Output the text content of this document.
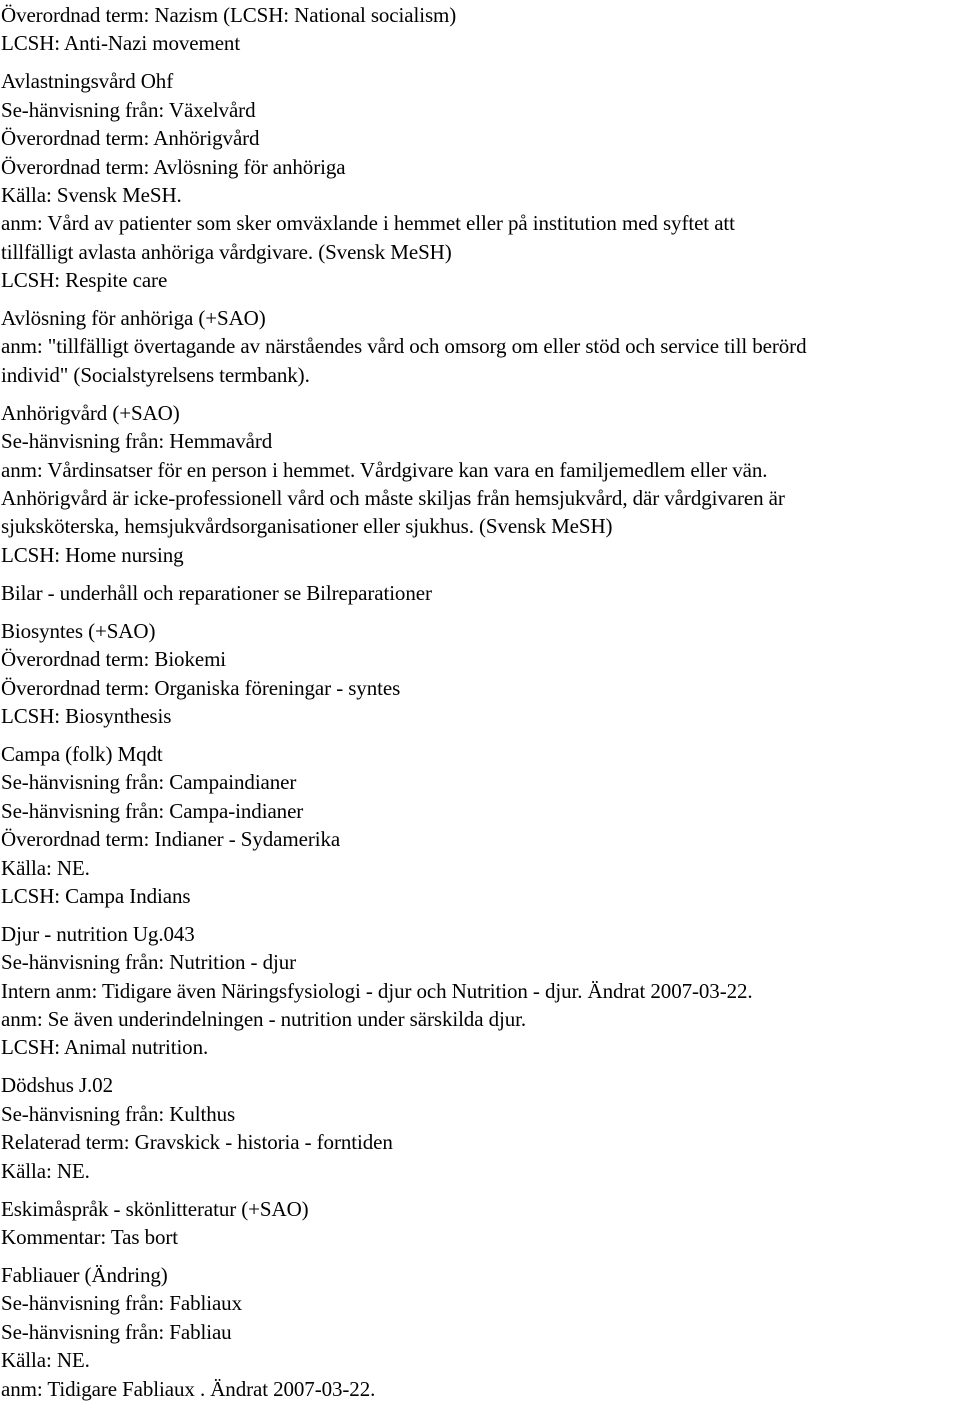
Överordnad term: Nazism (LCSH: National socialism)
LCSH: Anti-Nazi movement
Avlastningsvård Ohf
Se-hänvisning från: Växelvård
Överordnad term: Anhörigvård
Överordnad term: Avlösning för anhöriga
Källa: Svensk MeSH.
anm: Vård av patienter som sker omväxlande i hemmet eller på institution med syftet att
tillfälligt avlasta anhöriga vårdgivare. (Svensk MeSH)
LCSH: Respite care
Avlösning för anhöriga (+SAO)
anm: "tillfälligt övertagande av närståendes vård och omsorg om eller stöd och service till berörd
individ" (Socialstyrelsens termbank).
Anhörigvård (+SAO)
Se-hänvisning från: Hemmavård
anm: Vårdinsatser för en person i hemmet. Vårdgivare kan vara en familjemedlem eller vän.
Anhörigvård är icke-professionell vård och måste skiljas från hemsjukvård, där vårdgivaren är
sjuksköterska, hemsjukvårdsorganisationer eller sjukhus. (Svensk MeSH)
LCSH: Home nursing
Bilar - underhåll och reparationer se Bilreparationer
Biosyntes (+SAO)
Överordnad term: Biokemi
Överordnad term: Organiska föreningar - syntes
LCSH: Biosynthesis
Campa (folk) Mqdt
Se-hänvisning från: Campaindianer
Se-hänvisning från: Campa-indianer
Överordnad term: Indianer - Sydamerika
Källa: NE.
LCSH: Campa Indians
Djur - nutrition Ug.043
Se-hänvisning från: Nutrition - djur
Intern anm: Tidigare även Näringsfysiologi - djur och Nutrition - djur. Ändrat 2007-03-22.
anm: Se även underindelningen - nutrition under särskilda djur.
LCSH: Animal nutrition.
Dödshus J.02
Se-hänvisning från: Kulthus
Relaterad term: Gravskick - historia - forntiden
Källa: NE.
Eskimåspråk - skönlitteratur (+SAO)
Kommentar: Tas bort
Fabliauer (Ändring)
Se-hänvisning från: Fabliaux
Se-hänvisning från: Fabliau
Källa: NE.
anm: Tidigare Fabliaux . Ändrat 2007-03-22.
